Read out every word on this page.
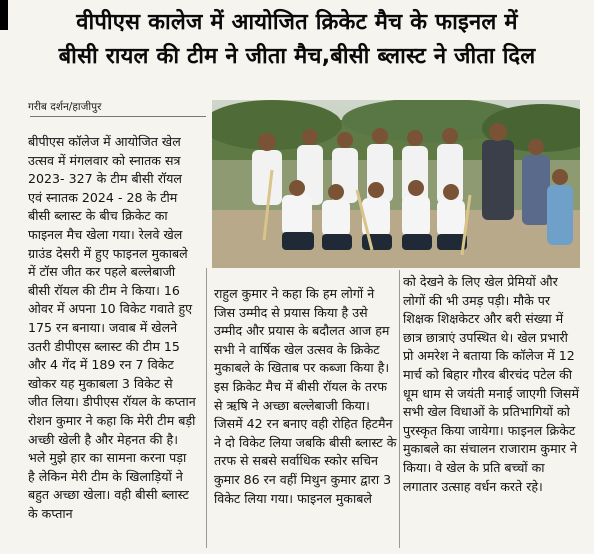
वीपीएस कालेज में आयोजित क्रिकेट मैच के फाइनल में
बीसी रायल की टीम ने जीता मैच,बीसी ब्लास्ट ने जीता दिल
गरीब दर्शन/हाजीपुर
बीपीएस कॉलेज में आयोजित खेल उत्सव में मंगलवार को स्नातक सत्र 2023- 327 के टीम बीसी रॉयल एवं स्नातक 2024 - 28 के टीम बीसी ब्लास्ट के बीच क्रिकेट का फाइनल मैच खेला गया। रेलवे खेल ग्राउंड देसरी में हुए फाइनल मुकाबले में टॉस जीत कर पहले बल्लेबाजी बीसी रॉयल की टीम ने किया। 16 ओवर में अपना 10 विकेट गवाते हुए 175 रन बनाया। जवाब में खेलने उतरी डीपीएस ब्लास्ट की टीम 15 और 4 गेंद में 189 रन 7 विकेट खोकर यह मुकाबला 3 विकेट से जीत लिया। डीपीएस रॉयल के कप्तान रोशन कुमार ने कहा कि मेरी टीम बड़ी अच्छी खेली है और मेहनत की है। भले मुझे हार का सामना करना पड़ा है लेकिन मेरी टीम के खिलाड़ियों ने बहुत अच्छा खेला। वही बीसी ब्लास्ट के कप्तान
राहुल कुमार ने कहा कि हम लोगों ने जिस उम्मीद से प्रयास किया है उसे उम्मीद और प्रयास के बदौलत आज हम सभी ने वार्षिक खेल उत्सव के क्रिकेट मुकाबले के खिताब पर कब्जा किया है। इस क्रिकेट मैच में बीसी रॉयल के तरफ से ऋषि ने अच्छा बल्लेबाजी किया। जिसमें 42 रन बनाए वही रोहित हिटमैन ने दो विकेट लिया जबकि बीसी ब्लास्ट के तरफ से सबसे सर्वाधिक स्कोर सचिन कुमार 86 रन वहीं मिथुन कुमार द्वारा 3 विकेट लिया गया। फाइनल मुकाबले
को देखने के लिए खेल प्रेमियों और लोगों की भी उमड़ पड़ी। मौके पर शिक्षक शिक्षकेटर और बरी संख्या में छात्र छात्राएं उपस्थित थे। खेल प्रभारी प्रो अमरेश ने बताया कि कॉलेज में 12 मार्च को बिहार गौरव बीरचंद पटेल की धूम धाम से जयंती मनाई जाएगी जिसमें सभी खेल विधाओं के प्रतिभागियों को पुरस्कृत किया जायेगा। फाइनल क्रिकेट मुकाबले का संचालन राजाराम कुमार ने किया। वे खेल के प्रति बच्चों का लगातार उत्साह वर्धन करते रहे।
